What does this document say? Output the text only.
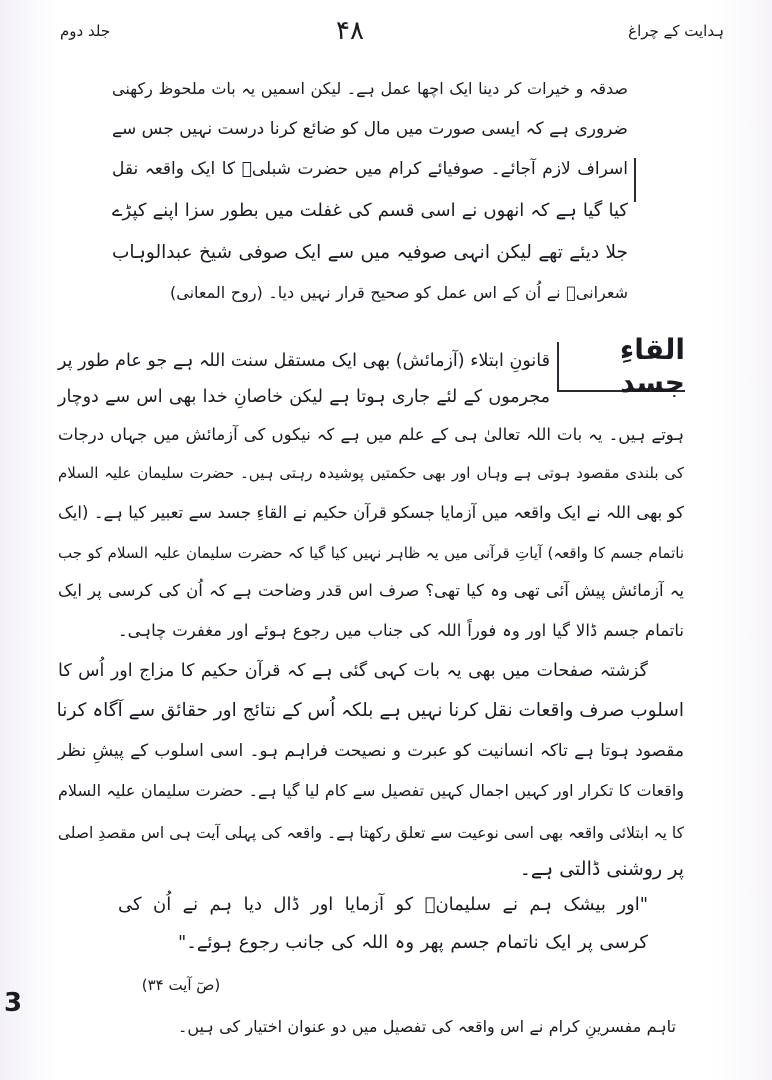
جلد دوم	۴۸	ہدایت کے چراغ
صدقہ و خیرات کر دینا ایک اچھا عمل ہے۔ لیکن اسمیں یہ بات ملحوظ رکھنی
ضروری ہے کہ ایسی صورت میں مال کو ضائع کرنا درست نہیں جس سے
اسراف لازم آجائے۔ صوفیائے کرام میں حضرت شبلیؒ کا ایک واقعہ نقل
کیا گیا ہے کہ انھوں نے اسی قسم کی غفلت میں بطور سزا اپنے کپڑے
جلا دیئے تھے لیکن انہی صوفیہ میں سے ایک صوفی شیخ عبدالوہاب
شعرانیؒ نے اُن کے اس عمل کو صحیح قرار نہیں دیا۔ (روح المعانی)
القاءِ جسد
قانونِ ابتلاء (آزمائش) بھی ایک مستقل سنت اللہ ہے جو عام طور پر
مجرموں کے لئے جاری ہوتا ہے لیکن خاصانِ خدا بھی اس سے دوچار
ہوتے ہیں۔ یہ بات اللہ تعالیٰ ہی کے علم میں ہے کہ نیکوں کی آزمائش میں جہاں درجات
کی بلندی مقصود ہوتی ہے وہاں اور بھی حکمتیں پوشیدہ رہتی ہیں۔ حضرت سلیمان علیہ السلام
کو بھی اللہ نے ایک واقعہ میں آزمایا جسکو قرآن حکیم نے القاءِ جسد سے تعبیر کیا ہے۔ (ایک
ناتمام جسم کا واقعہ) آیاتِ قرآنی میں یہ ظاہر نہیں کیا گیا کہ حضرت سلیمان علیہ السلام کو جب
یہ آزمائش پیش آئی تھی وہ کیا تھی؟ صرف اس قدر وضاحت ہے کہ اُن کی کرسی پر ایک
ناتمام جسم ڈالا گیا اور وہ فوراً اللہ کی جناب میں رجوع ہوئے اور مغفرت چاہی۔
گزشتہ صفحات میں بھی یہ بات کہی گئی ہے کہ قرآن حکیم کا مزاج اور اُس کا
اسلوب صرف واقعات نقل کرنا نہیں ہے بلکہ اُس کے نتائج اور حقائق سے آگاہ کرنا
مقصود ہوتا ہے تاکہ انسانیت کو عبرت و نصیحت فراہم ہو۔ اسی اسلوب کے پیشِ نظر
واقعات کا تکرار اور کہیں اجمال کہیں تفصیل سے کام لیا گیا ہے۔ حضرت سلیمان علیہ السلام
کا یہ ابتلائی واقعہ بھی اسی نوعیت سے تعلق رکھتا ہے۔ واقعہ کی پہلی آیت ہی اس مقصدِ اصلی
پر روشنی ڈالتی ہے۔
"اور بیشک ہم نے سلیمانؑ کو آزمایا اور ڈال دیا ہم نے اُن کی
کرسی پر ایک ناتمام جسم پھر وہ اللہ کی جانب رجوع ہوئے۔"
(صٓ آیت ۳۴)
تاہم مفسرینِ کرام نے اس واقعہ کی تفصیل میں دو عنوان اختیار کی ہیں۔
3
